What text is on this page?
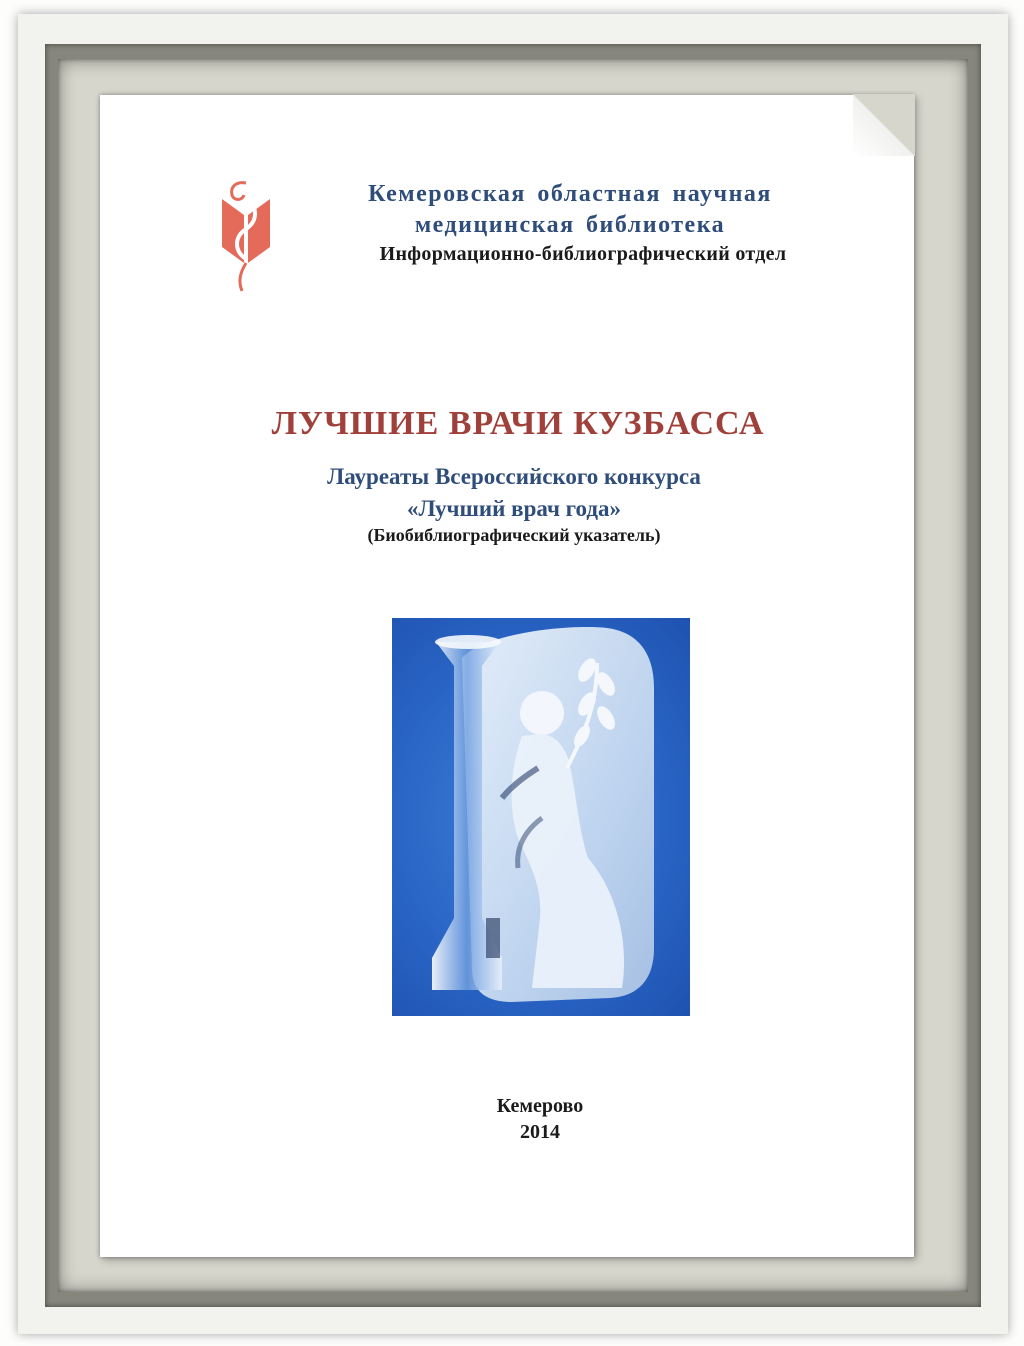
Кемеровская областная научная
медицинская библиотека
Информационно-библиографический отдел
ЛУЧШИЕ ВРАЧИ КУЗБАССА
Лауреаты Всероссийского конкурса
«Лучший врач года»
(Биобиблиографический указатель)
Кемерово
2014
